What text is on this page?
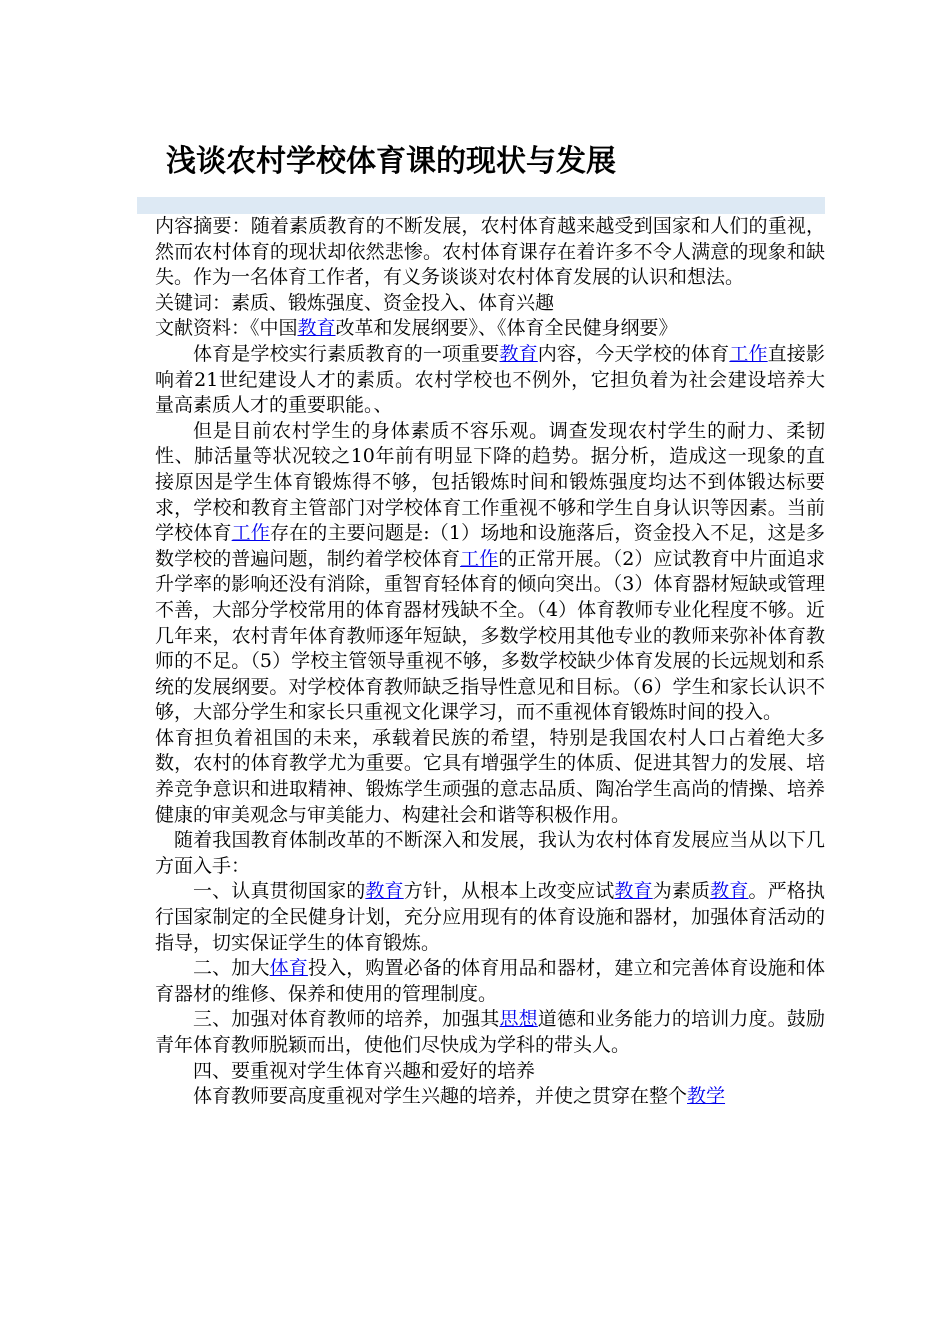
浅谈农村学校体育课的现状与发展

内容摘要：随着素质教育的不断发展，农村体育越来越受到国家和人们的重视，然而农村体育的现状却依然悲惨。农村体育课存在着许多不令人满意的现象和缺失。作为一名体育工作者，有义务谈谈对农村体育发展的认识和想法。

关键词：素质、锻炼强度、资金投入、体育兴趣

文献资料：《中国教育改革和发展纲要》、《体育全民健身纲要》

体育是学校实行素质教育的一项重要教育内容，今天学校的体育工作直接影响着21世纪建设人才的素质。农村学校也不例外，它担负着为社会建设培养大量高素质人才的重要职能。、

但是目前农村学生的身体素质不容乐观。调查发现农村学生的耐力、柔韧性、肺活量等状况较之10年前有明显下降的趋势。据分析，造成这一现象的直接原因是学生体育锻炼得不够，包括锻炼时间和锻炼强度均达不到体锻达标要求，学校和教育主管部门对学校体育工作重视不够和学生自身认识等因素。当前学校体育工作存在的主要问题是:（1）场地和设施落后，资金投入不足，这是多数学校的普遍问题，制约着学校体育工作的正常开展。（2）应试教育中片面追求升学率的影响还没有消除，重智育轻体育的倾向突出。（3）体育器材短缺或管理不善，大部分学校常用的体育器材残缺不全。（4）体育教师专业化程度不够。近几年来，农村青年体育教师逐年短缺，多数学校用其他专业的教师来弥补体育教师的不足。（5）学校主管领导重视不够，多数学校缺少体育发展的长远规划和系统的发展纲要。对学校体育教师缺乏指导性意见和目标。（6）学生和家长认识不够，大部分学生和家长只重视文化课学习，而不重视体育锻炼时间的投入。

体育担负着祖国的未来，承载着民族的希望，特别是我国农村人口占着绝大多数，农村的体育教学尤为重要。它具有增强学生的体质、促进其智力的发展、培养竞争意识和进取精神、锻炼学生顽强的意志品质、陶冶学生高尚的情操、培养健康的审美观念与审美能力、构建社会和谐等积极作用。

随着我国教育体制改革的不断深入和发展，我认为农村体育发展应当从以下几方面入手：

一、认真贯彻国家的教育方针，从根本上改变应试教育为素质教育。严格执行国家制定的全民健身计划，充分应用现有的体育设施和器材，加强体育活动的指导，切实保证学生的体育锻炼。

二、加大体育投入，购置必备的体育用品和器材，建立和完善体育设施和体育器材的维修、保养和使用的管理制度。

三、加强对体育教师的培养，加强其思想道德和业务能力的培训力度。鼓励青年体育教师脱颖而出，使他们尽快成为学科的带头人。

四、要重视对学生体育兴趣和爱好的培养

体育教师要高度重视对学生兴趣的培养，并使之贯穿在整个教学
